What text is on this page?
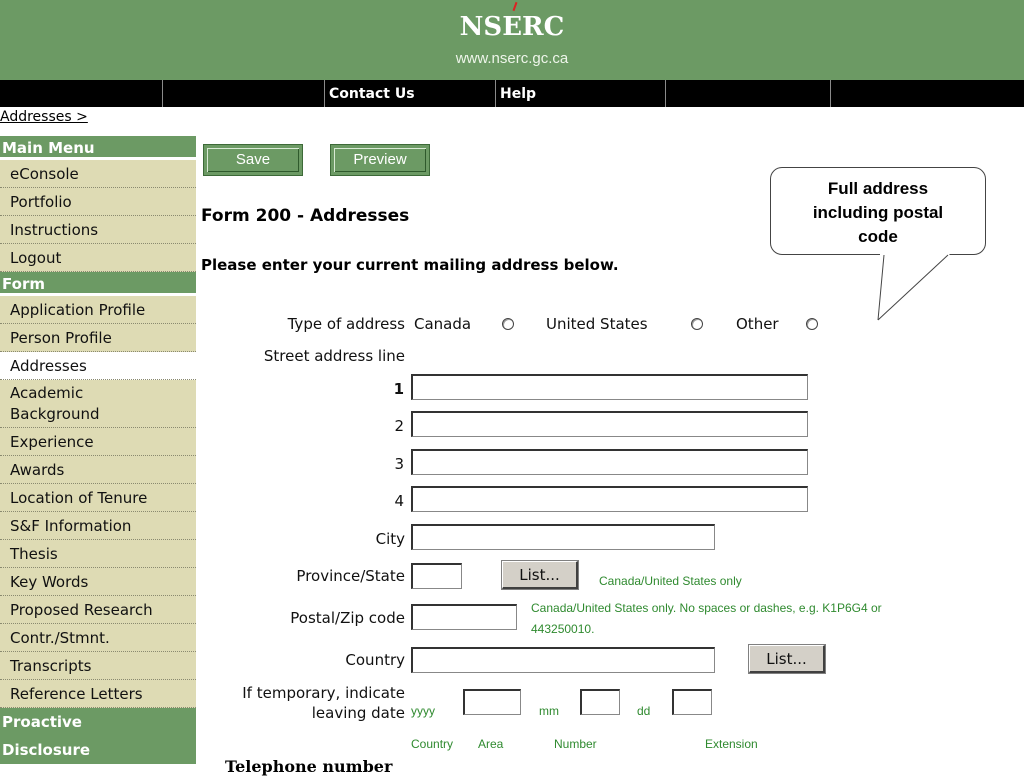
NSERC
www.nserc.gc.ca
Contact Us	Help
Addresses >
Main Menu
eConsole
Portfolio
Instructions
Logout
Form
Application Profile
Person Profile
Addresses
Academic Background
Experience
Awards
Location of Tenure
S&F Information
Thesis
Key Words
Proposed Research
Contr./Stmnt.
Transcripts
Reference Letters
Proactive
Disclosure
Save	Preview
Form 200 - Addresses
Please enter your current mailing address below.
Full address
including postal
code
Type of address Canada	United States	Other
Street address line
1
2
3
4
City
Province/State	List...	Canada/United States only
Postal/Zip code
Canada/United States only. No spaces or dashes, e.g. K1P6G4 or
443250010.
Country	List...
If temporary, indicate
leaving date yyyy	mm	dd
Country Area	Number	Extension
Telephone number
